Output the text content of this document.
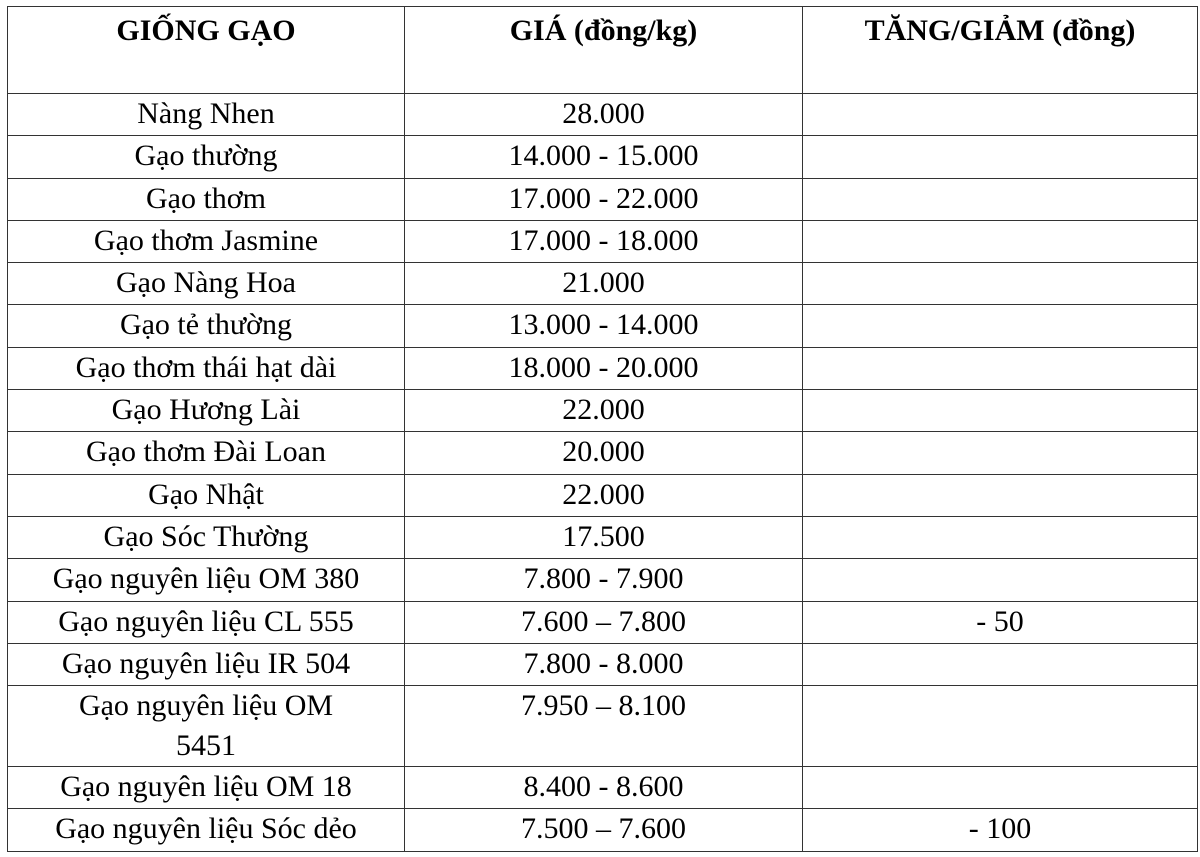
GIỐNG GẠO	GIÁ (đồng/kg)	TĂNG/GIẢM (đồng)
Nàng Nhen	28.000	
Gạo thường	14.000 - 15.000	
Gạo thơm	17.000 - 22.000	
Gạo thơm Jasmine	17.000 - 18.000	
Gạo Nàng Hoa	21.000	
Gạo tẻ thường	13.000 - 14.000	
Gạo thơm thái hạt dài	18.000 - 20.000	
Gạo Hương Lài	22.000	
Gạo thơm Đài Loan	20.000	
Gạo Nhật	22.000	
Gạo Sóc Thường	17.500	
Gạo nguyên liệu OM 380	7.800 - 7.900	
Gạo nguyên liệu CL 555	7.600 – 7.800	- 50
Gạo nguyên liệu IR 504	7.800 - 8.000	
Gạo nguyên liệu OM 5451	7.950 – 8.100	
Gạo nguyên liệu OM 18	8.400 - 8.600	
Gạo nguyên liệu Sóc dẻo	7.500 – 7.600	- 100
